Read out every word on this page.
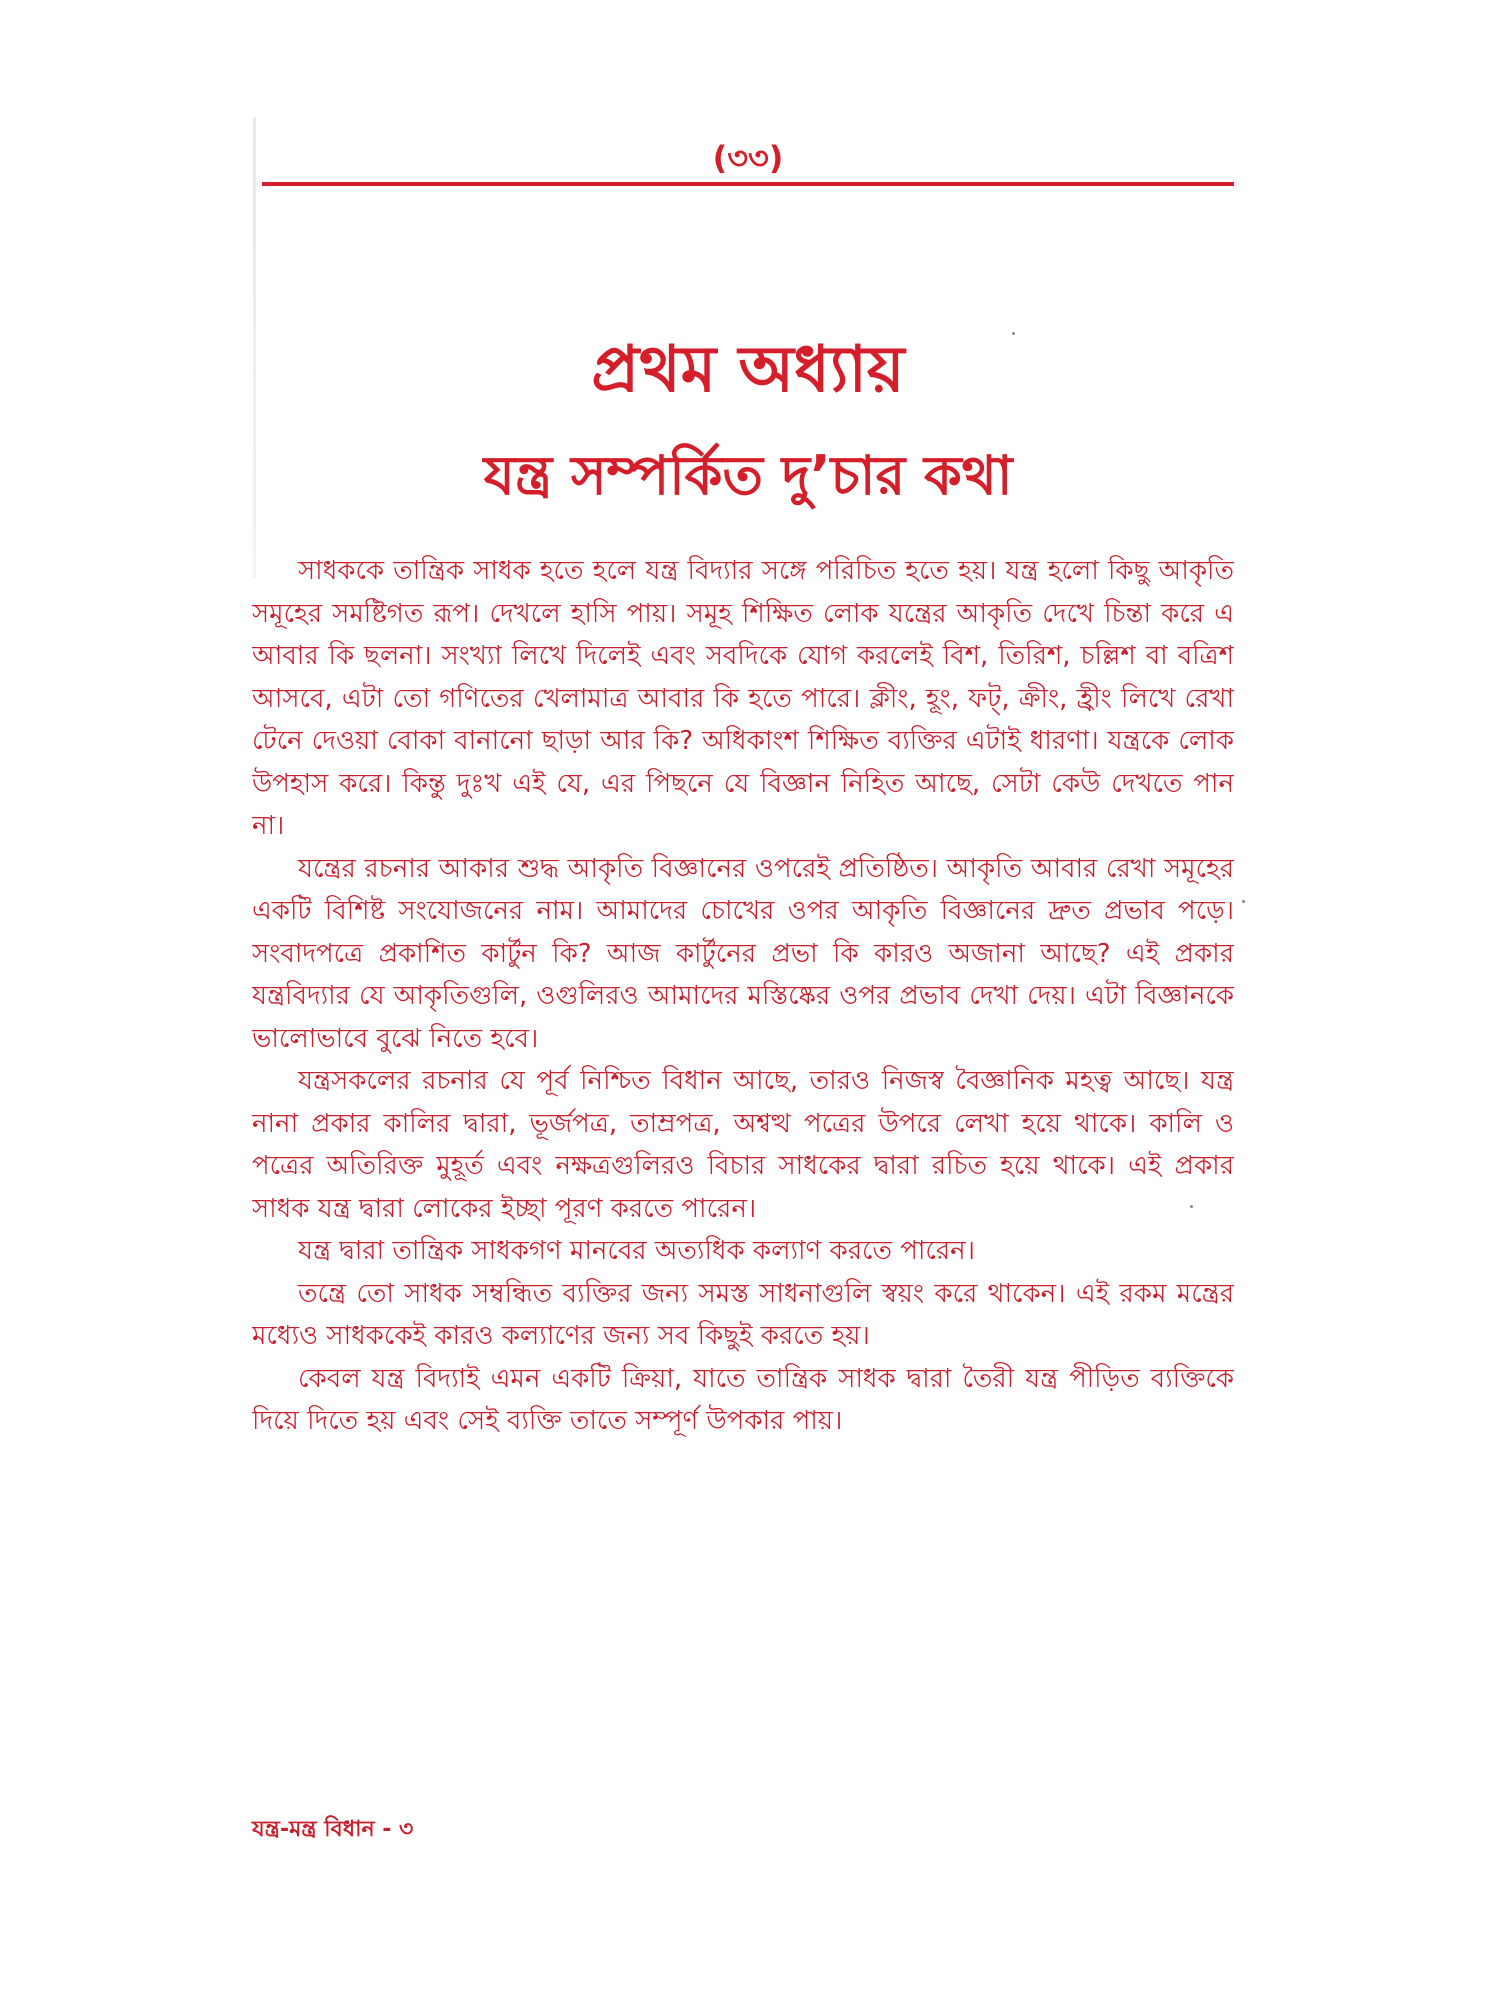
(৩৩)
প্রথম অধ্যায়
যন্ত্র সম্পর্কিত দু’চার কথা

সাধককে তান্ত্রিক সাধক হতে হলে যন্ত্র বিদ্যার সঙ্গে পরিচিত হতে হয়। যন্ত্র হলো কিছু আকৃতি সমূহের সমষ্টিগত রূপ। দেখলে হাসি পায়। সমূহ শিক্ষিত লোক যন্ত্রের আকৃতি দেখে চিন্তা করে এ আবার কি ছলনা। সংখ্যা লিখে দিলেই এবং সবদিকে যোগ করলেই বিশ, তিরিশ, চল্লিশ বা বত্রিশ আসবে, এটা তো গণিতের খেলামাত্র আবার কি হতে পারে। ক্লীং, হূং, ফট্, ক্রীং, হ্রীং লিখে রেখা টেনে দেওয়া বোকা বানানো ছাড়া আর কি? অধিকাংশ শিক্ষিত ব্যক্তির এটাই ধারণা। যন্ত্রকে লোক উপহাস করে। কিন্তু দুঃখ এই যে, এর পিছনে যে বিজ্ঞান নিহিত আছে, সেটা কেউ দেখতে পান না।

যন্ত্রের রচনার আকার শুদ্ধ আকৃতি বিজ্ঞানের ওপরেই প্রতিষ্ঠিত। আকৃতি আবার রেখা সমূহের একটি বিশিষ্ট সংযোজনের নাম। আমাদের চোখের ওপর আকৃতি বিজ্ঞানের দ্রুত প্রভাব পড়ে। সংবাদপত্রে প্রকাশিত কার্টুন কি? আজ কার্টুনের প্রভা কি কারও অজানা আছে? এই প্রকার যন্ত্রবিদ্যার যে আকৃতিগুলি, ওগুলিরও আমাদের মস্তিষ্কের ওপর প্রভাব দেখা দেয়। এটা বিজ্ঞানকে ভালোভাবে বুঝে নিতে হবে।

যন্ত্রসকলের রচনার যে পূর্ব নিশ্চিত বিধান আছে, তারও নিজস্ব বৈজ্ঞানিক মহত্ব আছে। যন্ত্র নানা প্রকার কালির দ্বারা, ভূর্জপত্র, তাম্রপত্র, অশ্বত্থ পত্রের উপরে লেখা হয়ে থাকে। কালি ও পত্রের অতিরিক্ত মুহূর্ত এবং নক্ষত্রগুলিরও বিচার সাধকের দ্বারা রচিত হয়ে থাকে। এই প্রকার সাধক যন্ত্র দ্বারা লোকের ইচ্ছা পূরণ করতে পারেন।

যন্ত্র দ্বারা তান্ত্রিক সাধকগণ মানবের অত্যধিক কল্যাণ করতে পারেন।

তন্ত্রে তো সাধক সম্বন্ধিত ব্যক্তির জন্য সমস্ত সাধনাগুলি স্বয়ং করে থাকেন। এই রকম মন্ত্রের মধ্যেও সাধককেই কারও কল্যাণের জন্য সব কিছুই করতে হয়।

কেবল যন্ত্র বিদ্যাই এমন একটি ক্রিয়া, যাতে তান্ত্রিক সাধক দ্বারা তৈরী যন্ত্র পীড়িত ব্যক্তিকে দিয়ে দিতে হয় এবং সেই ব্যক্তি তাতে সম্পূর্ণ উপকার পায়।

যন্ত্র-মন্ত্র বিধান - ৩
